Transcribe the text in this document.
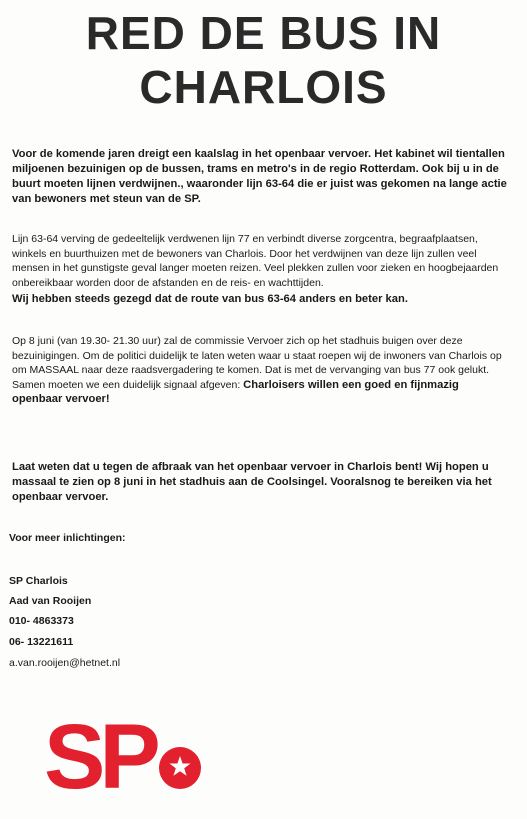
RED DE BUS IN
CHARLOIS

Voor de komende jaren dreigt een kaalslag in het openbaar vervoer. Het kabinet wil tientallen miljoenen bezuinigen op de bussen, trams en metro's in de regio Rotterdam. Ook bij u in de buurt moeten lijnen verdwijnen., waaronder lijn 63-64 die er juist was gekomen na lange actie van bewoners met steun van de SP.

Lijn 63-64 verving de gedeeltelijk verdwenen lijn 77 en verbindt diverse zorgcentra, begraafplaatsen, winkels en buurthuizen met de bewoners van Charlois. Door het verdwijnen van deze lijn zullen veel mensen in het gunstigste geval langer moeten reizen. Veel plekken zullen voor zieken en hoogbejaarden onbereikbaar worden door de afstanden en de reis- en wachttijden.

Wij hebben steeds gezegd dat de route van bus 63-64 anders en beter kan.

Op 8 juni (van 19.30- 21.30 uur) zal de commissie Vervoer zich op het stadhuis buigen over deze bezuinigingen. Om de politici duidelijk te laten weten waar u staat roepen wij de inwoners van Charlois op om MASSAAL naar deze raadsvergadering te komen. Dat is met de vervanging van bus 77 ook gelukt. Samen moeten we een duidelijk signaal afgeven: Charloisers willen een goed en fijnmazig openbaar vervoer!

Laat weten dat u tegen de afbraak van het openbaar vervoer in Charlois bent! Wij hopen u massaal te zien op 8 juni in het stadhuis aan de Coolsingel. Vooralsnog te bereiken via het openbaar vervoer.

Voor meer inlichtingen:
SP Charlois
Aad van Rooijen
010- 4863373
06- 13221611
a.van.rooijen@hetnet.nl
SP
